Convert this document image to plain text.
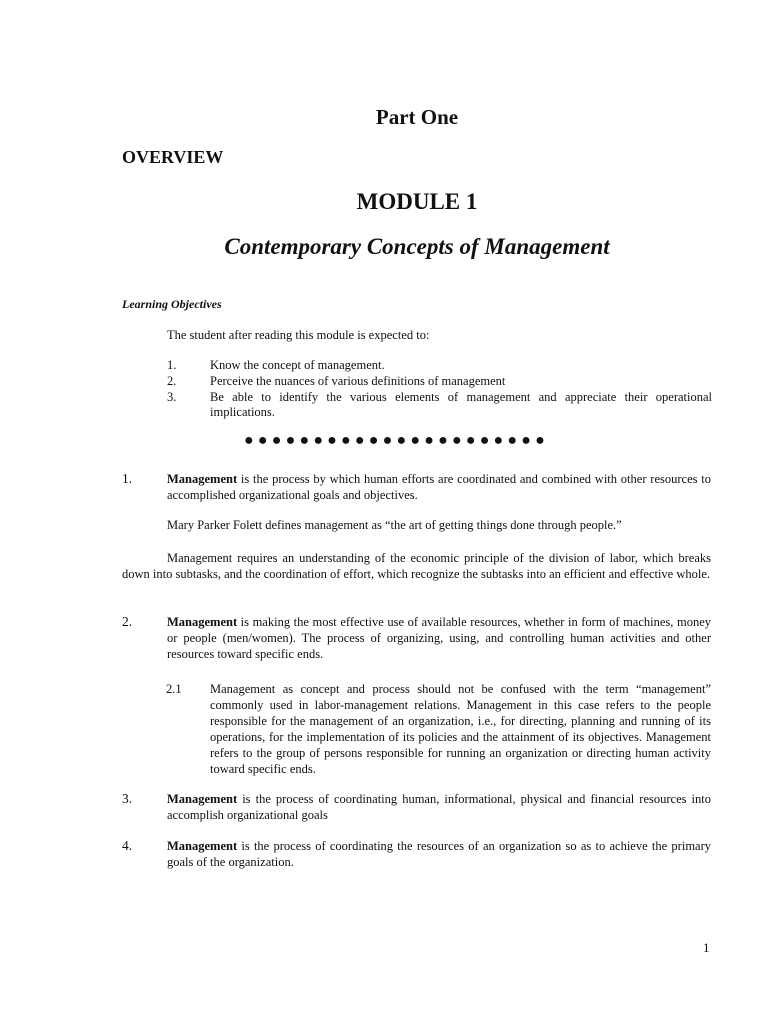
Part One
OVERVIEW
MODULE 1
Contemporary Concepts of Management
Learning Objectives
The student after reading this module is expected to:
1.	Know the concept of management.
2.	Perceive the nuances of various definitions of management
3.	Be able to identify the various elements of management and appreciate their operational implications.
●●●●●●●●●●●●●●●●●●●●●●
1.	Management is the process by which human efforts are coordinated and combined with other resources to accomplished organizational goals and objectives.
Mary Parker Folett defines management as “the art of getting things done through people.”
Management requires an understanding of the economic principle of the division of labor, which breaks down into subtasks, and the coordination of effort, which recognize the subtasks into an efficient and effective whole.
2.	Management is making the most effective use of available resources, whether in form of machines, money or people (men/women). The process of organizing, using, and controlling human activities and other resources toward specific ends.
2.1 Management as concept and process should not be confused with the term “management” commonly used in labor-management relations. Management in this case refers to the people responsible for the management of an organization, i.e., for directing, planning and running of its operations, for the implementation of its policies and the attainment of its objectives. Management refers to the group of persons responsible for running an organization or directing human activity toward specific ends.
3.	Management is the process of coordinating human, informational, physical and financial resources into accomplish organizational goals
4.	Management is the process of coordinating the resources of an organization so as to achieve the primary goals of the organization.
1
